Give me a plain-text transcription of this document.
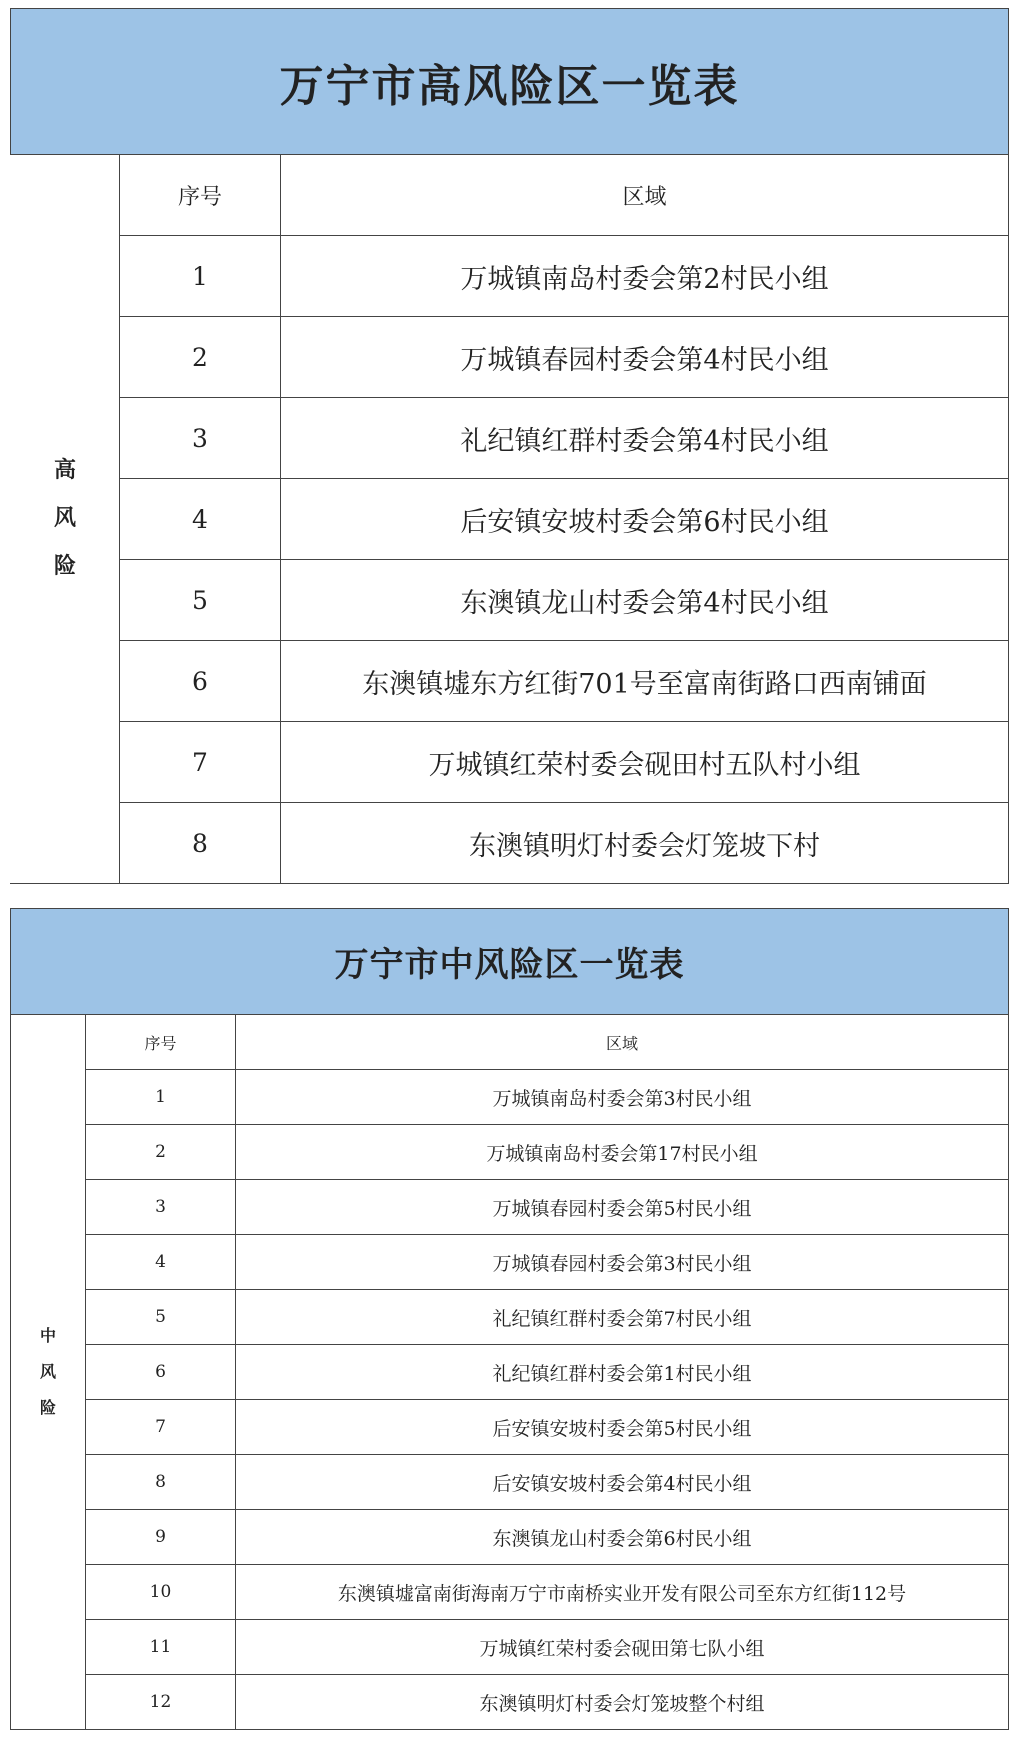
万宁市高风险区一览表		
高
风
险	序号	区域
	1	万城镇南岛村委会第2村民小组
	2	万城镇春园村委会第4村民小组
	3	礼纪镇红群村委会第4村民小组
	4	后安镇安坡村委会第6村民小组
	5	东澳镇龙山村委会第4村民小组
	6	东澳镇墟东方红街701号至富南街路口西南铺面
	7	万城镇红荣村委会砚田村五队村小组
	8	东澳镇明灯村委会灯笼坡下村
万宁市中风险区一览表		
中
风
险	序号	区域
	1	万城镇南岛村委会第3村民小组
	2	万城镇南岛村委会第17村民小组
	3	万城镇春园村委会第5村民小组
	4	万城镇春园村委会第3村民小组
	5	礼纪镇红群村委会第7村民小组
	6	礼纪镇红群村委会第1村民小组
	7	后安镇安坡村委会第5村民小组
	8	后安镇安坡村委会第4村民小组
	9	东澳镇龙山村委会第6村民小组
	10	东澳镇墟富南街海南万宁市南桥实业开发有限公司至东方红街112号
	11	万城镇红荣村委会砚田第七队小组
	12	东澳镇明灯村委会灯笼坡整个村组
